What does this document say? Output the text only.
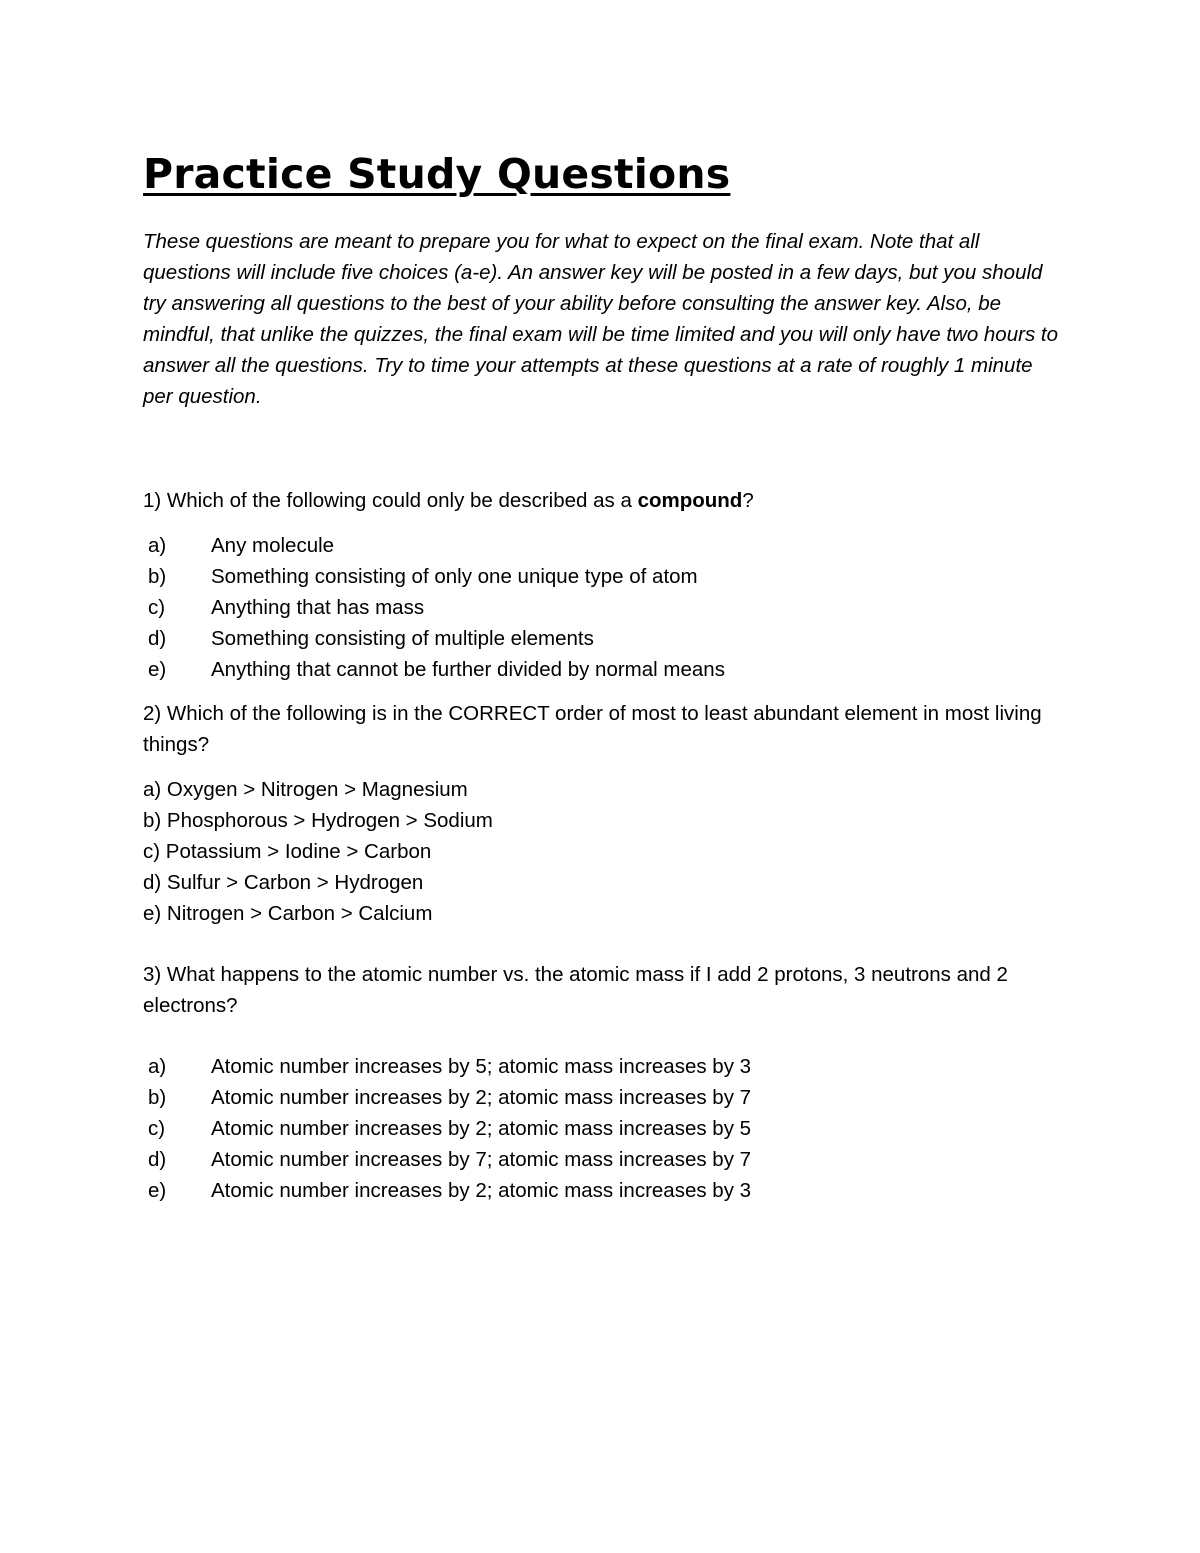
Practice Study Questions
These questions are meant to prepare you for what to expect on the final exam. Note that all questions will include five choices (a-e). An answer key will be posted in a few days, but you should try answering all questions to the best of your ability before consulting the answer key. Also, be mindful, that unlike the quizzes, the final exam will be time limited and you will only have two hours to answer all the questions. Try to time your attempts at these questions at a rate of roughly 1 minute per question.
1) Which of the following could only be described as a compound?
a)	Any molecule
b)	Something consisting of only one unique type of atom
c)	Anything that has mass
d)	Something consisting of multiple elements
e)	Anything that cannot be further divided by normal means
2) Which of the following is in the CORRECT order of most to least abundant element in most living things?
a) Oxygen > Nitrogen > Magnesium
b) Phosphorous > Hydrogen > Sodium
c) Potassium > Iodine > Carbon
d) Sulfur > Carbon > Hydrogen
e) Nitrogen > Carbon > Calcium
3) What happens to the atomic number vs. the atomic mass if I add 2 protons, 3 neutrons and 2 electrons?
a)	Atomic number increases by 5; atomic mass increases by 3
b)	Atomic number increases by 2; atomic mass increases by 7
c)	Atomic number increases by 2; atomic mass increases by 5
d)	Atomic number increases by 7; atomic mass increases by 7
e)	Atomic number increases by 2; atomic mass increases by 3
